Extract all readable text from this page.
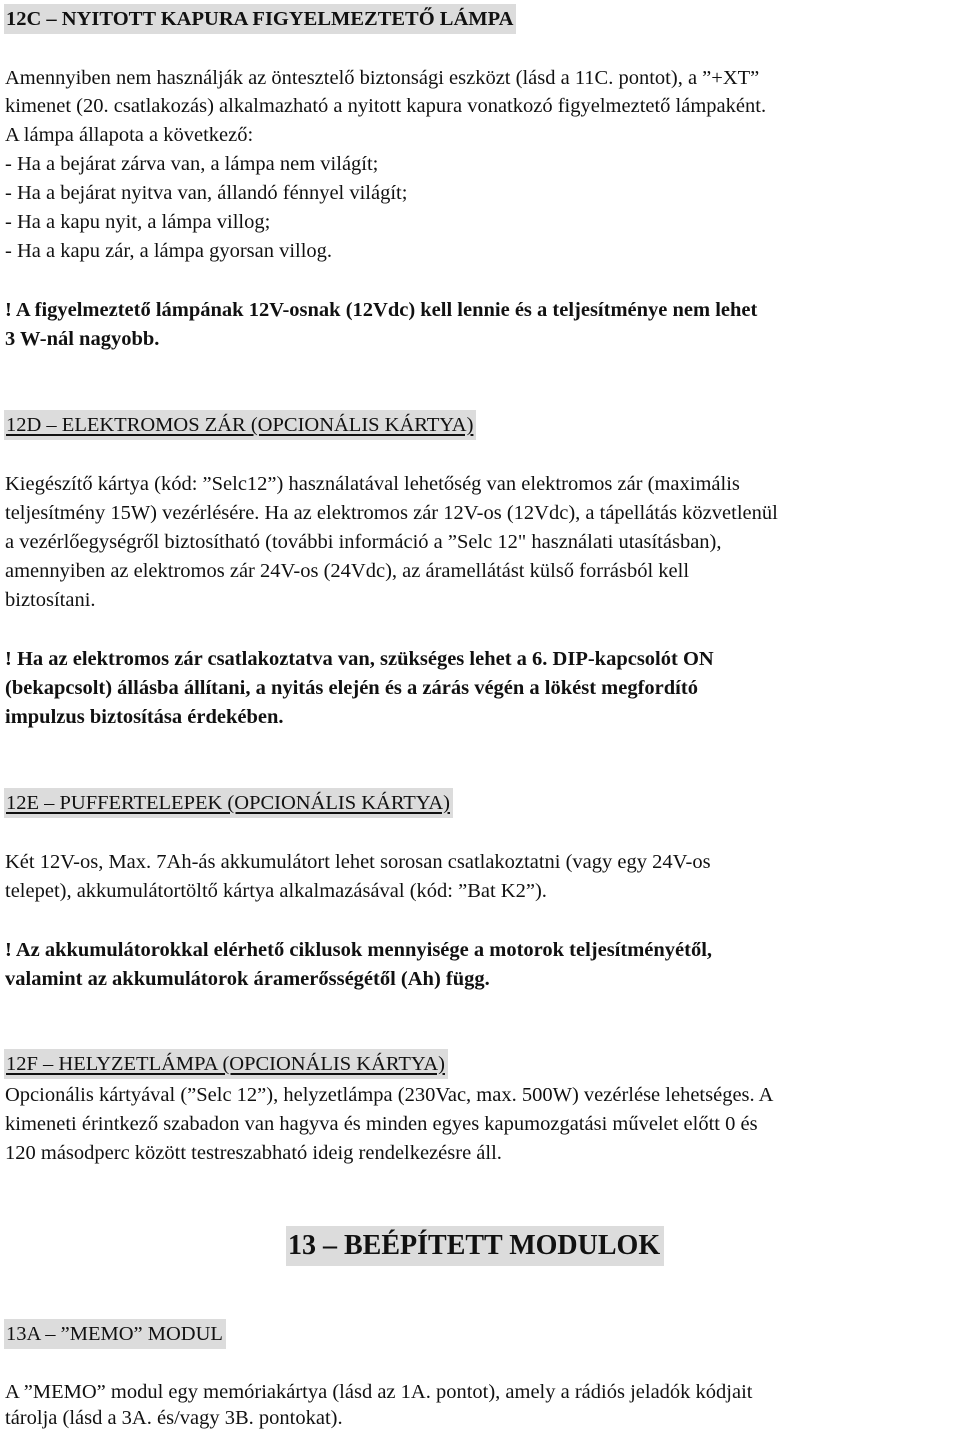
12C – NYITOTT KAPURA FIGYELMEZTETŐ LÁMPA
Amennyiben nem használják az öntesztelő biztonsági eszközt (lásd a 11C. pontot), a ”+XT”
kimenet (20. csatlakozás) alkalmazható a nyitott kapura vonatkozó figyelmeztető lámpaként.
A lámpa állapota a következő:
- Ha a bejárat zárva van, a lámpa nem világít;
- Ha a bejárat nyitva van, állandó fénnyel világít;
- Ha a kapu nyit, a lámpa villog;
- Ha a kapu zár, a lámpa gyorsan villog.
! A figyelmeztető lámpának 12V-osnak (12Vdc) kell lennie és a teljesítménye nem lehet
3 W-nál nagyobb.
12D – ELEKTROMOS ZÁR (OPCIONÁLIS KÁRTYA)
Kiegészítő kártya (kód: ”Selc12”) használatával lehetőség van elektromos zár (maximális
teljesítmény 15W) vezérlésére. Ha az elektromos zár 12V-os (12Vdc), a tápellátás közvetlenül
a vezérlőegységről biztosítható (további információ a ”Selc 12" használati utasításban),
amennyiben az elektromos zár 24V-os (24Vdc), az áramellátást külső forrásból kell
biztosítani.
! Ha az elektromos zár csatlakoztatva van, szükséges lehet a 6. DIP-kapcsolót ON
(bekapcsolt) állásba állítani, a nyitás elején és a zárás végén a lökést megfordító
impulzus biztosítása érdekében.
12E – PUFFERTELEPEK (OPCIONÁLIS KÁRTYA)
Két 12V-os, Max. 7Ah-ás akkumulátort lehet sorosan csatlakoztatni (vagy egy 24V-os
telepet), akkumulátortöltő kártya alkalmazásával (kód: ”Bat K2”).
! Az akkumulátorokkal elérhető ciklusok mennyisége a motorok teljesítményétől,
valamint az akkumulátorok áramerősségétől (Ah) függ.
12F – HELYZETLÁMPA (OPCIONÁLIS KÁRTYA)
Opcionális kártyával (”Selc 12”), helyzetlámpa (230Vac, max. 500W) vezérlése lehetséges. A
kimeneti érintkező szabadon van hagyva és minden egyes kapumozgatási művelet előtt 0 és
120 másodperc között testreszabható ideig rendelkezésre áll.
13 – BEÉPÍTETT MODULOK
13A – ”MEMO” MODUL
A ”MEMO” modul egy memóriakártya (lásd az 1A. pontot), amely a rádiós jeladók kódjait
tárolja (lásd a 3A. és/vagy 3B. pontokat).
